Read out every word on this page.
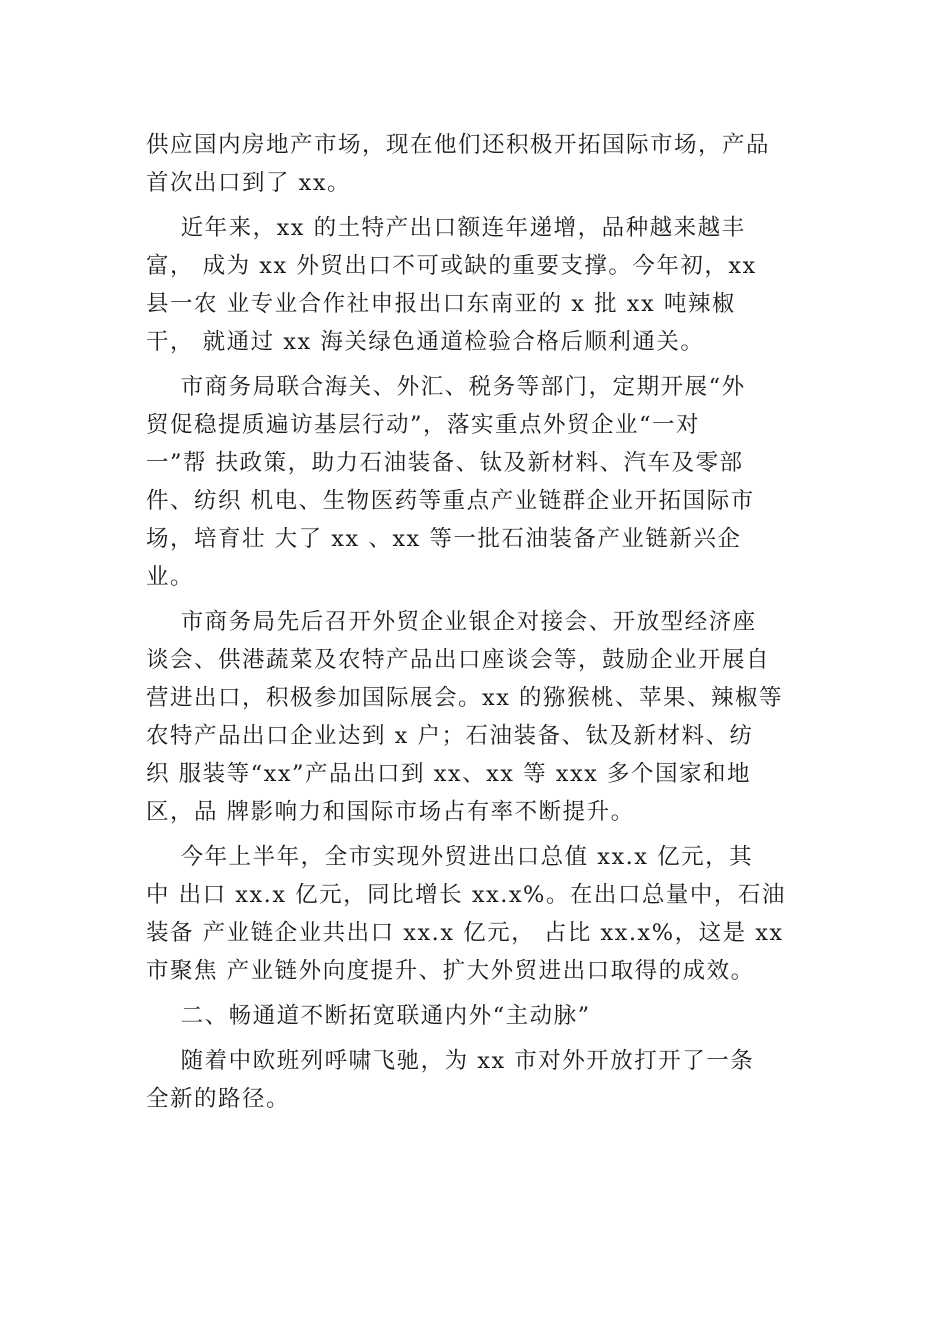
供应国内房地产市场，现在他们还积极开拓国际市场，产品
首次出口到了 xx。
近年来，xx 的土特产出口额连年递增，品种越来越丰
富， 成为 xx 外贸出口不可或缺的重要支撑。今年初，xx
县一农 业专业合作社申报出口东南亚的 x 批 xx 吨辣椒
干， 就通过 xx 海关绿色通道检验合格后顺利通关。
市商务局联合海关、外汇、税务等部门，定期开展“外
贸促稳提质遍访基层行动”，落实重点外贸企业“一对
一”帮 扶政策，助力石油装备、钛及新材料、汽车及零部
件、纺织 机电、生物医药等重点产业链群企业开拓国际市
场，培育壮 大了 xx 、xx 等一批石油装备产业链新兴企
业。
市商务局先后召开外贸企业银企对接会、开放型经济座
谈会、供港蔬菜及农特产品出口座谈会等，鼓励企业开展自
营进出口，积极参加国际展会。xx 的猕猴桃、苹果、辣椒等
农特产品出口企业达到 x 户；石油装备、钛及新材料、纺
织 服装等“xx”产品出口到 xx、xx 等 xxx 多个国家和地
区，品 牌影响力和国际市场占有率不断提升。
今年上半年，全市实现外贸进出口总值 xx.x 亿元，其
中 出口 xx.x 亿元，同比增长 xx.x%。在出口总量中，石油
装备 产业链企业共出口 xx.x 亿元， 占比 xx.x%，这是 xx
市聚焦 产业链外向度提升、扩大外贸进出口取得的成效。
二、畅通道不断拓宽联通内外“主动脉”
随着中欧班列呼啸飞驰，为 xx 市对外开放打开了一条
全新的路径。
